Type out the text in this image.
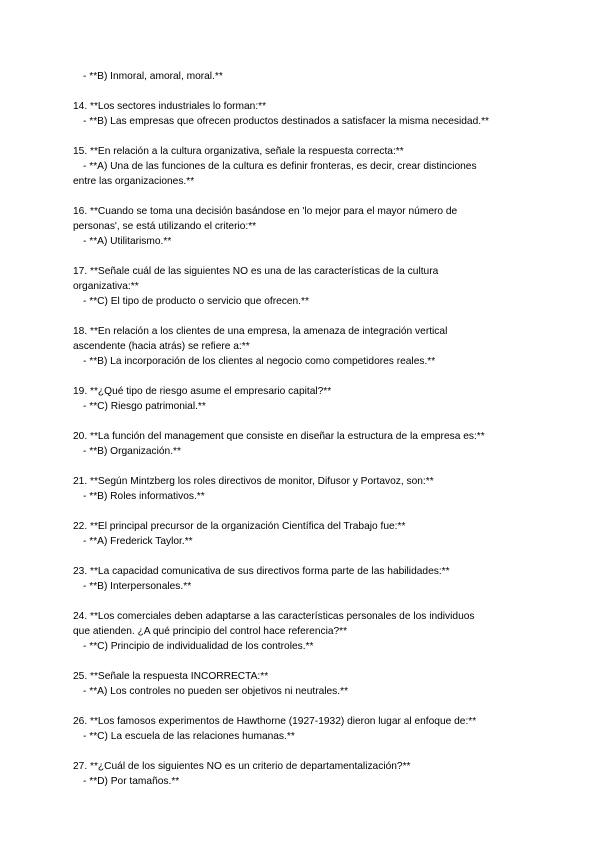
- **B) Inmoral, amoral, moral.**

14. **Los sectores industriales lo forman:**

- **B) Las empresas que ofrecen productos destinados a satisfacer la misma necesidad.**

15. **En relación a la cultura organizativa, señale la respuesta correcta:**

- **A) Una de las funciones de la cultura es definir fronteras, es decir, crear distinciones

entre las organizaciones.**

16. **Cuando se toma una decisión basándose en 'lo mejor para el mayor número de

personas', se está utilizando el criterio:**

- **A) Utilitarismo.**

17. **Señale cuál de las siguientes NO es una de las características de la cultura

organizativa:**

- **C) El tipo de producto o servicio que ofrecen.**

18. **En relación a los clientes de una empresa, la amenaza de integración vertical

ascendente (hacia atrás) se refiere a:**

- **B) La incorporación de los clientes al negocio como competidores reales.**

19. **¿Qué tipo de riesgo asume el empresario capital?**

- **C) Riesgo patrimonial.**

20. **La función del management que consiste en diseñar la estructura de la empresa es:**

- **B) Organización.**

21. **Según Mintzberg los roles directivos de monitor, Difusor y Portavoz, son:**

- **B) Roles informativos.**

22. **El principal precursor de la organización Científica del Trabajo fue:**

- **A) Frederick Taylor.**

23. **La capacidad comunicativa de sus directivos forma parte de las habilidades:**

- **B) Interpersonales.**

24. **Los comerciales deben adaptarse a las características personales de los individuos

que atienden. ¿A qué principio del control hace referencia?**

- **C) Principio de individualidad de los controles.**

25. **Señale la respuesta INCORRECTA:**

- **A) Los controles no pueden ser objetivos ni neutrales.**

26. **Los famosos experimentos de Hawthorne (1927-1932) dieron lugar al enfoque de:**

- **C) La escuela de las relaciones humanas.**

27. **¿Cuál de los siguientes NO es un criterio de departamentalización?**

- **D) Por tamaños.**
